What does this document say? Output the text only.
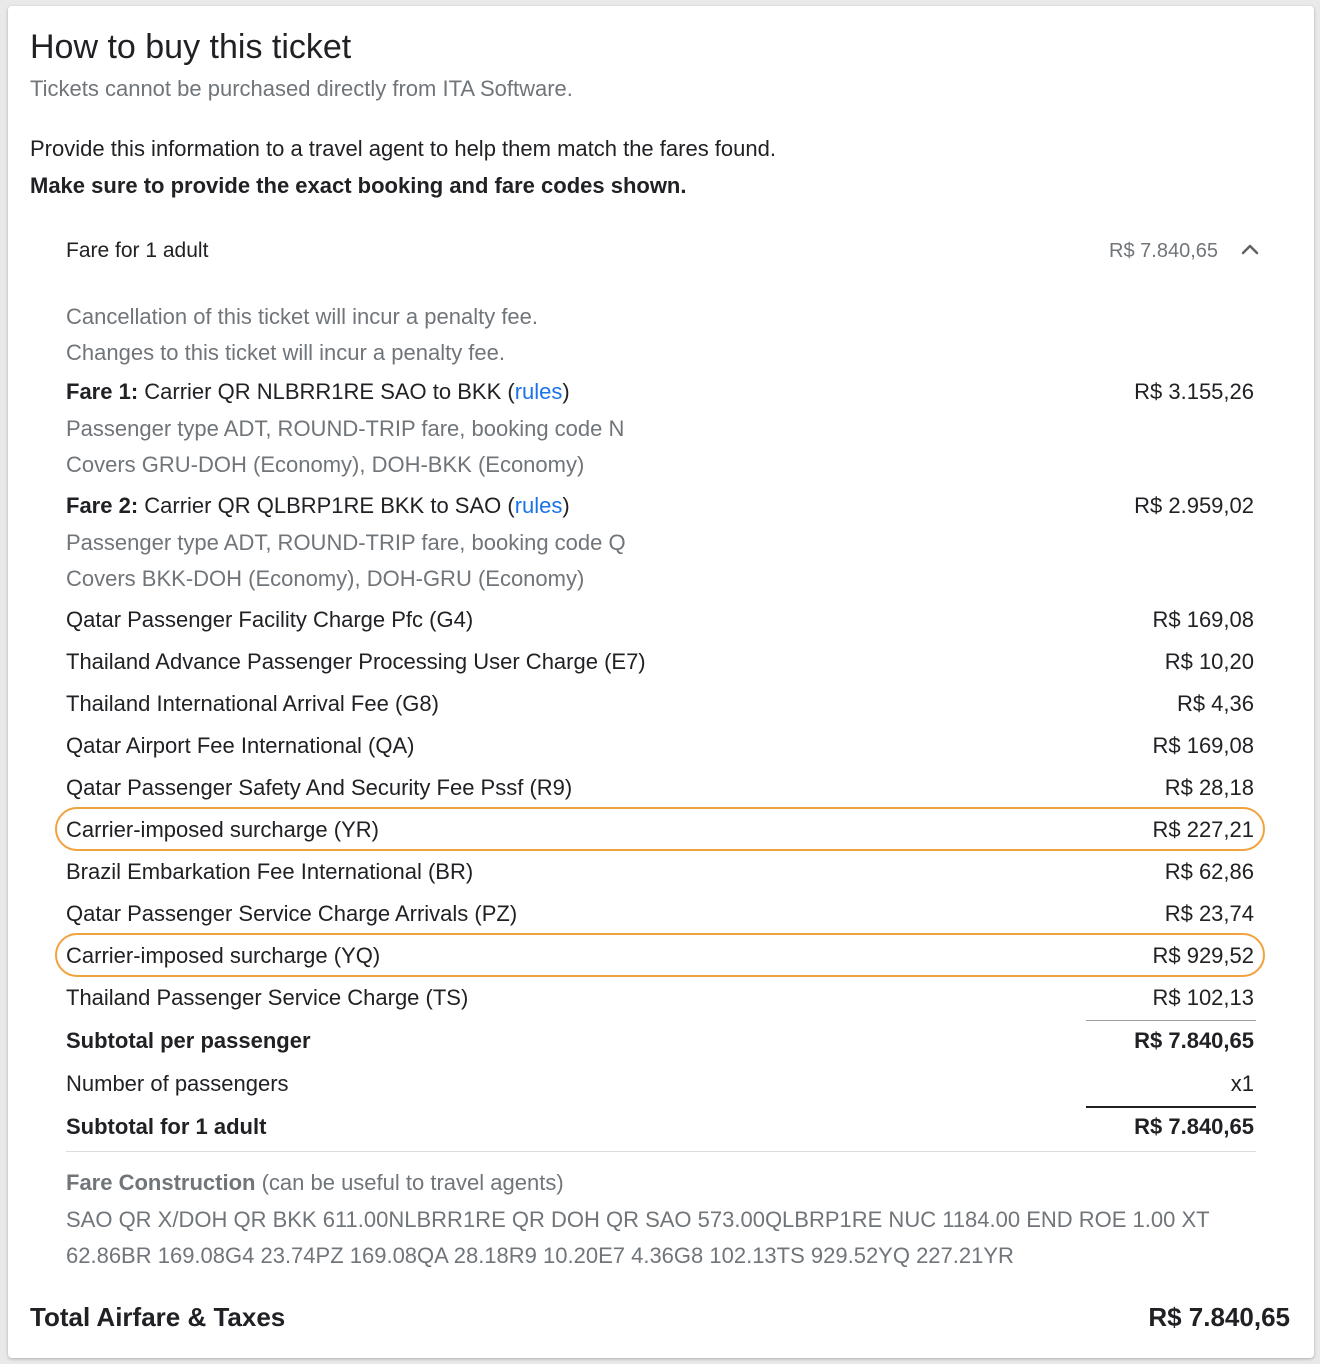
How to buy this ticket
Tickets cannot be purchased directly from ITA Software.
Provide this information to a travel agent to help them match the fares found.
Make sure to provide the exact booking and fare codes shown.
Fare for 1 adult	R$ 7.840,65
Cancellation of this ticket will incur a penalty fee.
Changes to this ticket will incur a penalty fee.
Fare 1: Carrier QR NLBRR1RE SAO to BKK (rules)	R$ 3.155,26
Passenger type ADT, ROUND-TRIP fare, booking code N
Covers GRU-DOH (Economy), DOH-BKK (Economy)
Fare 2: Carrier QR QLBRP1RE BKK to SAO (rules)	R$ 2.959,02
Passenger type ADT, ROUND-TRIP fare, booking code Q
Covers BKK-DOH (Economy), DOH-GRU (Economy)
Qatar Passenger Facility Charge Pfc (G4)	R$ 169,08
Thailand Advance Passenger Processing User Charge (E7)	R$ 10,20
Thailand International Arrival Fee (G8)	R$ 4,36
Qatar Airport Fee International (QA)	R$ 169,08
Qatar Passenger Safety And Security Fee Pssf (R9)	R$ 28,18
Carrier-imposed surcharge (YR)	R$ 227,21
Brazil Embarkation Fee International (BR)	R$ 62,86
Qatar Passenger Service Charge Arrivals (PZ)	R$ 23,74
Carrier-imposed surcharge (YQ)	R$ 929,52
Thailand Passenger Service Charge (TS)	R$ 102,13
Subtotal per passenger	R$ 7.840,65
Number of passengers	x1
Subtotal for 1 adult	R$ 7.840,65
Fare Construction (can be useful to travel agents)
SAO QR X/DOH QR BKK 611.00NLBRR1RE QR DOH QR SAO 573.00QLBRP1RE NUC 1184.00 END ROE 1.00 XT
62.86BR 169.08G4 23.74PZ 169.08QA 28.18R9 10.20E7 4.36G8 102.13TS 929.52YQ 227.21YR
Total Airfare & Taxes	R$ 7.840,65
